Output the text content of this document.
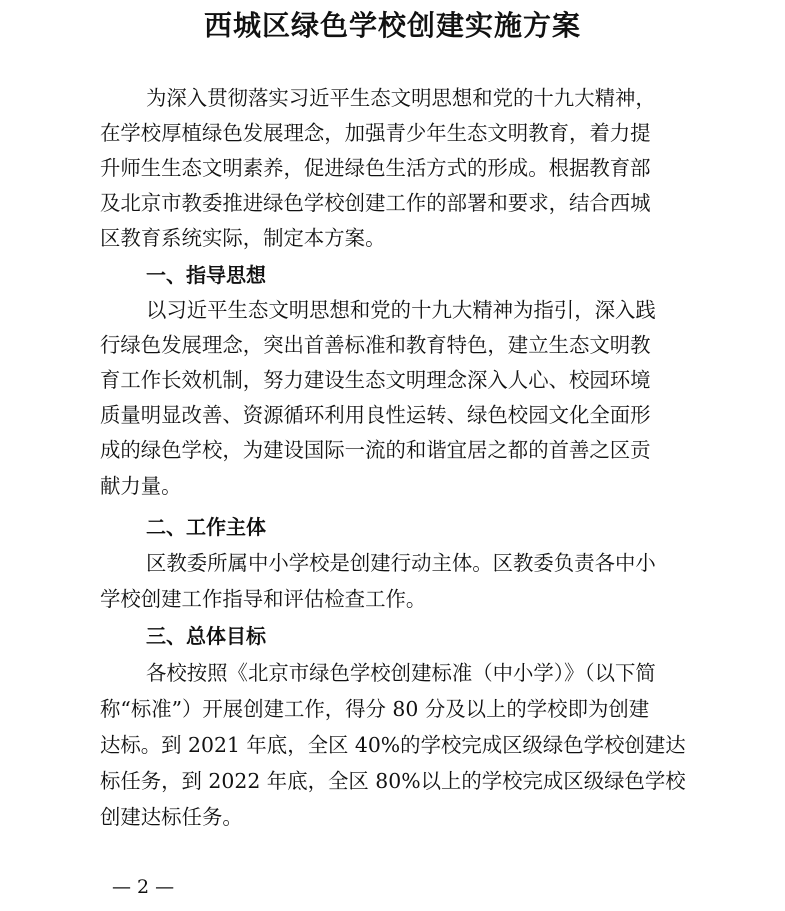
西城区绿色学校创建实施方案
为深入贯彻落实习近平生态文明思想和党的十九大精神，
在学校厚植绿色发展理念，加强青少年生态文明教育，着力提
升师生生态文明素养，促进绿色生活方式的形成。根据教育部
及北京市教委推进绿色学校创建工作的部署和要求，结合西城
区教育系统实际，制定本方案。
一、指导思想
以习近平生态文明思想和党的十九大精神为指引，深入践
行绿色发展理念，突出首善标准和教育特色，建立生态文明教
育工作长效机制，努力建设生态文明理念深入人心、校园环境
质量明显改善、资源循环利用良性运转、绿色校园文化全面形
成的绿色学校，为建设国际一流的和谐宜居之都的首善之区贡
献力量。
二、工作主体
区教委所属中小学校是创建行动主体。区教委负责各中小
学校创建工作指导和评估检查工作。
三、总体目标
各校按照《北京市绿色学校创建标准（中小学）》（以下简
称“标准”）开展创建工作，得分 80 分及以上的学校即为创建
达标。到 2021 年底，全区 40%的学校完成区级绿色学校创建达
标任务，到 2022 年底，全区 80%以上的学校完成区级绿色学校
创建达标任务。
— 2 —
